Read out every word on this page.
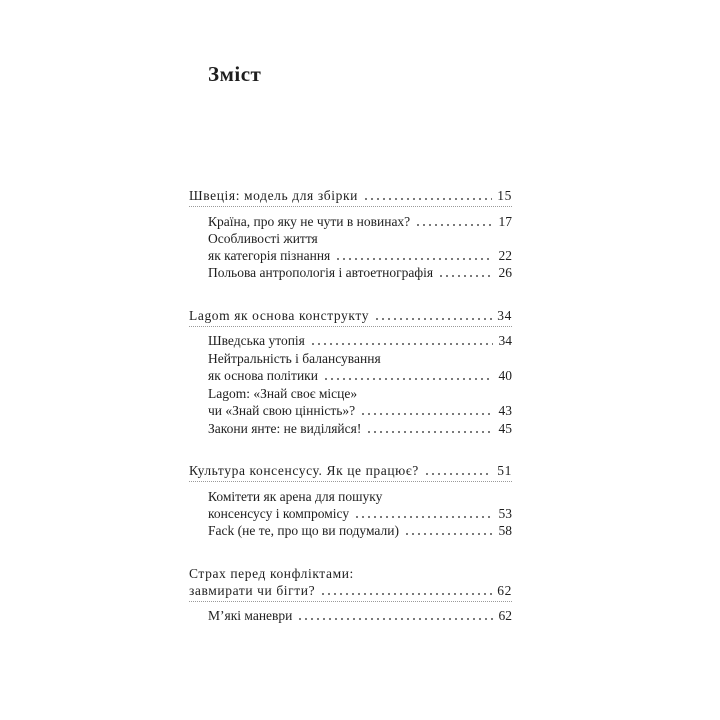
Зміст
Швеція: модель для збірки	15
Країна, про яку не чути в новинах?	17
Особливості життя
як категорія пізнання	22
Польова антропологія і автоетнографія	26
Lagom як основа конструкту	34
Шведська утопія	34
Нейтральність і балансування
як основа політики	40
Lagom: «Знай своє місце»
чи «Знай свою цінність»?	43
Закони янте: не виділяйся!	45
Культура консенсусу. Як це працює?	51
Комітети як арена для пошуку
консенсусу і компромісу	53
Fack (не те, про що ви подумали)	58
Страх перед конфліктами:
завмирати чи бігти?	62
М’які маневри	62
